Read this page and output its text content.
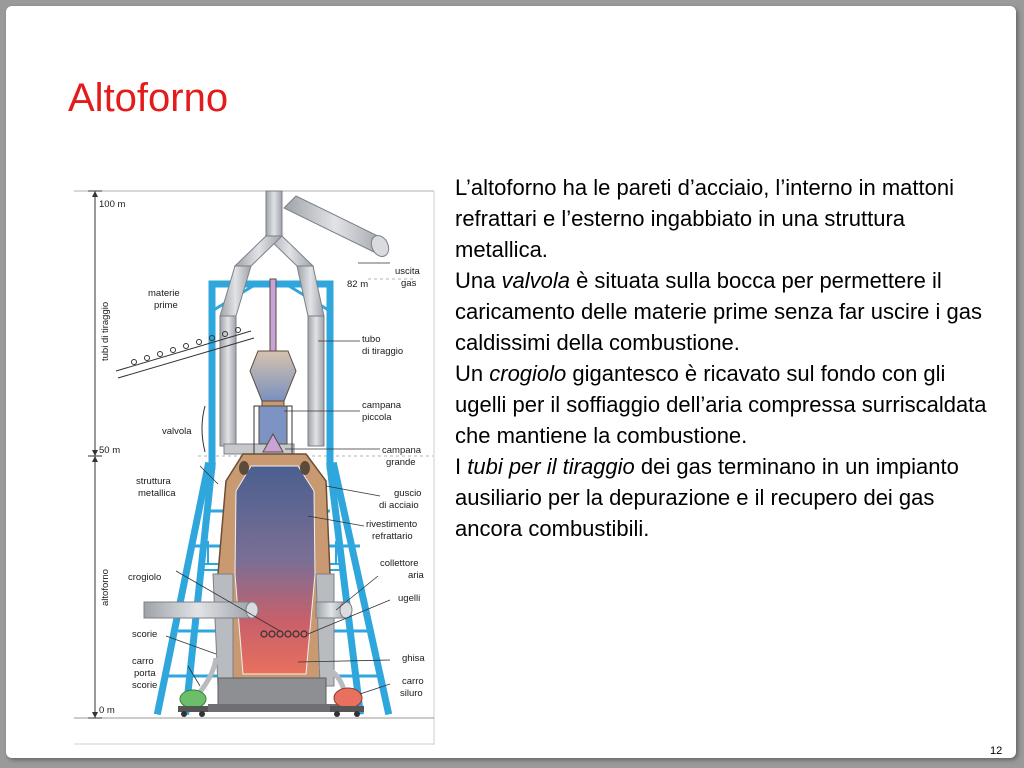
Altoforno
100 m
82 m
50 m
0 m
tubi di tiraggio
altoforno
materie
prime
valvola
struttura
metallica
crogiolo
scorie
carro
porta
scorie
uscita
gas
tubo
di tiraggio
campana
piccola
campana
grande
guscio
di acciaio
rivestimento
refrattario
collettore
aria
ugelli
ghisa
carro
siluro

L’altoforno ha le pareti d’acciaio, l’interno in mattoni refrattari e l’esterno ingabbiato in una struttura metallica.
Una valvola è situata sulla bocca per permettere il caricamento delle materie prime senza far uscire i gas caldissimi della combustione.
Un crogiolo gigantesco è ricavato sul fondo con gli ugelli per il soffiaggio dell’aria compressa surriscaldata che mantiene la combustione.
I tubi per il tiraggio dei gas terminano in un impianto ausiliario per la depurazione e il recupero dei gas ancora combustibili.

12
